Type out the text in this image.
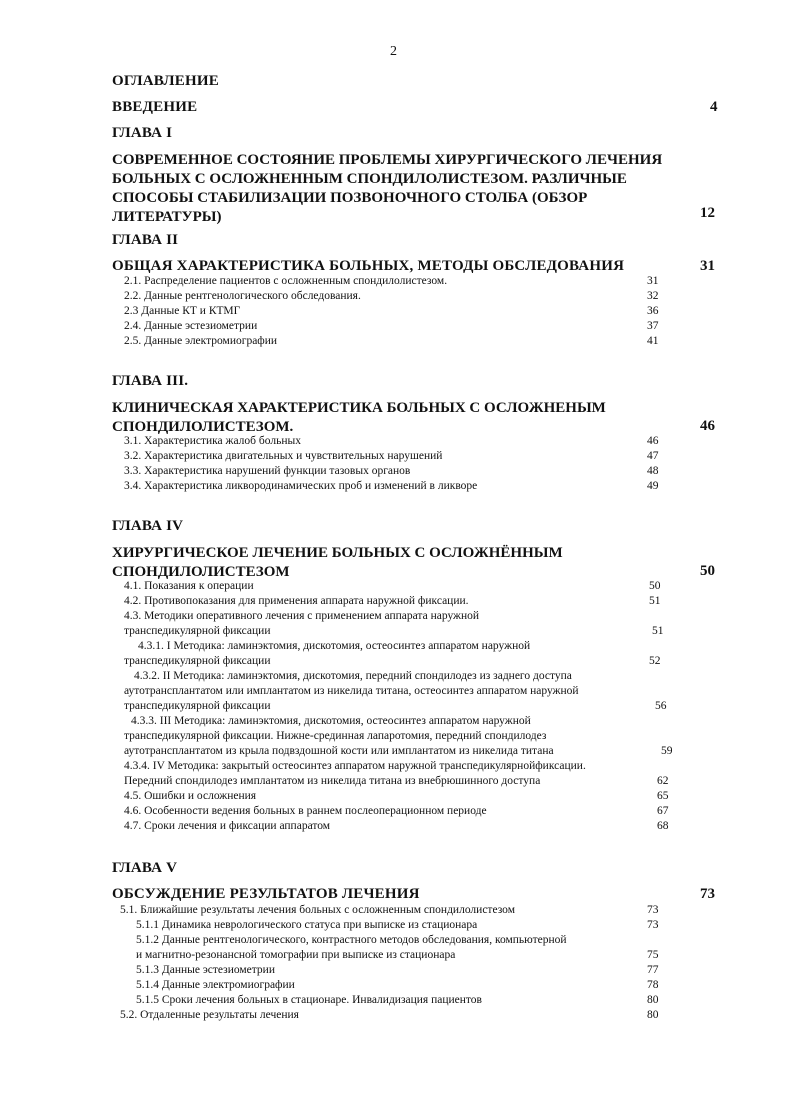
2
ОГЛАВЛЕНИЕ
ВВЕДЕНИЕ	4
ГЛАВА I
СОВРЕМЕННОЕ СОСТОЯНИЕ ПРОБЛЕМЫ ХИРУРГИЧЕСКОГО ЛЕЧЕНИЯ
БОЛЬНЫХ С ОСЛОЖНЕННЫМ СПОНДИЛОЛИСТЕЗОМ. РАЗЛИЧНЫЕ
СПОСОБЫ СТАБИЛИЗАЦИИ ПОЗВОНОЧНОГО СТОЛБА (ОБЗОР
ЛИТЕРАТУРЫ)	12
ГЛАВА II
ОБЩАЯ ХАРАКТЕРИСТИКА БОЛЬНЫХ, МЕТОДЫ ОБСЛЕДОВАНИЯ	31
2.1. Распределение пациентов с осложненным спондилолистезом.	31
2.2. Данные рентгенологического обследования.	32
2.3 Данные КТ и КТМГ	36
2.4. Данные эстезиометрии	37
2.5. Данные электромиографии	41
ГЛАВА III.
КЛИНИЧЕСКАЯ ХАРАКТЕРИСТИКА БОЛЬНЫХ С ОСЛОЖНЕНЫМ
СПОНДИЛОЛИСТЕЗОМ.	46
3.1. Характеристика жалоб больных	46
3.2. Характеристика двигательных и чувствительных нарушений	47
3.3. Характеристика нарушений функции тазовых органов	48
3.4. Характеристика ликвородинамических проб и изменений в ликворе	49
ГЛАВА IV
ХИРУРГИЧЕСКОЕ ЛЕЧЕНИЕ БОЛЬНЫХ С ОСЛОЖНЁННЫМ
СПОНДИЛОЛИСТЕЗОМ	50
4.1. Показания к операции	50
4.2. Противопоказания для применения аппарата наружной фиксации.	51
4.3. Методики оперативного лечения с применением аппарата наружной
транспедикулярной фиксации	51
4.3.1. I Методика: ламинэктомия, дискотомия, остеосинтез аппаратом наружной
транспедикулярной фиксации	52
4.3.2. II Методика: ламинэктомия, дискотомия, передний спондилодез из заднего доступа
аутотрансплантатом или имплантатом из никелида титана, остеосинтез аппаратом наружной
транспедикулярной фиксации	56
4.3.3. III Методика: ламинэктомия, дискотомия, остеосинтез аппаратом наружной
транспедикулярной фиксации. Нижне-срединная лапаротомия, передний спондилодез
аутотрансплантатом из крыла подвздошной кости или имплантатом из никелида титана	59
4.3.4. IV Методика: закрытый остеосинтез аппаратом наружной транспедикулярнойфиксации.
Передний спондилодез имплантатом из никелида титана из внебрюшинного доступа	62
4.5. Ошибки и осложнения	65
4.6. Особенности ведения больных в раннем послеоперационном периоде	67
4.7. Сроки лечения и фиксации аппаратом	68
ГЛАВА V
ОБСУЖДЕНИЕ РЕЗУЛЬТАТОВ ЛЕЧЕНИЯ	73
5.1. Ближайшие результаты лечения больных с осложненным спондилолистезом	73
5.1.1 Динамика неврологического статуса при выписке из стационара	73
5.1.2 Данные рентгенологического, контрастного методов обследования, компьютерной
и магнитно-резонансной томографии при выписке из стационара	75
5.1.3 Данные эстезиометрии	77
5.1.4 Данные электромиографии	78
5.1.5 Сроки лечения больных в стационаре. Инвалидизация пациентов	80
5.2. Отдаленные результаты лечения	80
